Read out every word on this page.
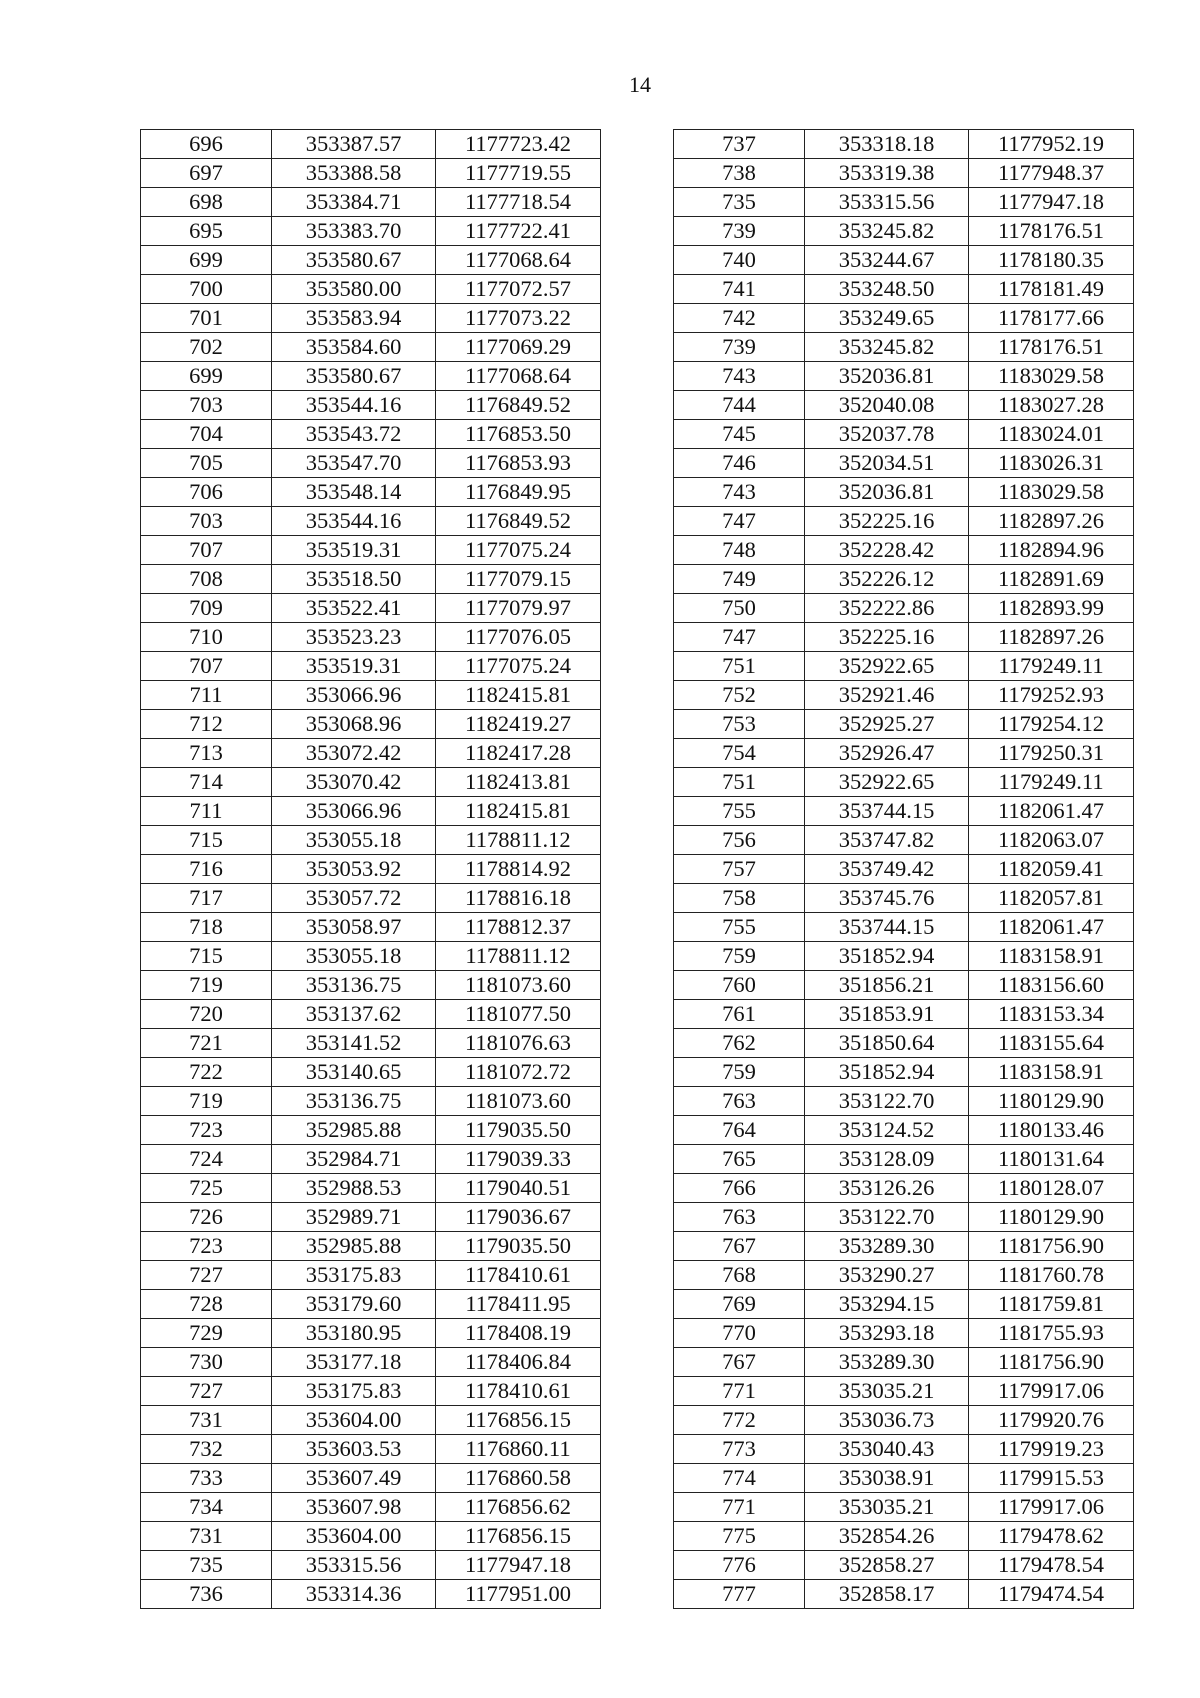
14
696	353387.57	1177723.42
697	353388.58	1177719.55
698	353384.71	1177718.54
695	353383.70	1177722.41
699	353580.67	1177068.64
700	353580.00	1177072.57
701	353583.94	1177073.22
702	353584.60	1177069.29
699	353580.67	1177068.64
703	353544.16	1176849.52
704	353543.72	1176853.50
705	353547.70	1176853.93
706	353548.14	1176849.95
703	353544.16	1176849.52
707	353519.31	1177075.24
708	353518.50	1177079.15
709	353522.41	1177079.97
710	353523.23	1177076.05
707	353519.31	1177075.24
711	353066.96	1182415.81
712	353068.96	1182419.27
713	353072.42	1182417.28
714	353070.42	1182413.81
711	353066.96	1182415.81
715	353055.18	1178811.12
716	353053.92	1178814.92
717	353057.72	1178816.18
718	353058.97	1178812.37
715	353055.18	1178811.12
719	353136.75	1181073.60
720	353137.62	1181077.50
721	353141.52	1181076.63
722	353140.65	1181072.72
719	353136.75	1181073.60
723	352985.88	1179035.50
724	352984.71	1179039.33
725	352988.53	1179040.51
726	352989.71	1179036.67
723	352985.88	1179035.50
727	353175.83	1178410.61
728	353179.60	1178411.95
729	353180.95	1178408.19
730	353177.18	1178406.84
727	353175.83	1178410.61
731	353604.00	1176856.15
732	353603.53	1176860.11
733	353607.49	1176860.58
734	353607.98	1176856.62
731	353604.00	1176856.15
735	353315.56	1177947.18
736	353314.36	1177951.00
737	353318.18	1177952.19
738	353319.38	1177948.37
735	353315.56	1177947.18
739	353245.82	1178176.51
740	353244.67	1178180.35
741	353248.50	1178181.49
742	353249.65	1178177.66
739	353245.82	1178176.51
743	352036.81	1183029.58
744	352040.08	1183027.28
745	352037.78	1183024.01
746	352034.51	1183026.31
743	352036.81	1183029.58
747	352225.16	1182897.26
748	352228.42	1182894.96
749	352226.12	1182891.69
750	352222.86	1182893.99
747	352225.16	1182897.26
751	352922.65	1179249.11
752	352921.46	1179252.93
753	352925.27	1179254.12
754	352926.47	1179250.31
751	352922.65	1179249.11
755	353744.15	1182061.47
756	353747.82	1182063.07
757	353749.42	1182059.41
758	353745.76	1182057.81
755	353744.15	1182061.47
759	351852.94	1183158.91
760	351856.21	1183156.60
761	351853.91	1183153.34
762	351850.64	1183155.64
759	351852.94	1183158.91
763	353122.70	1180129.90
764	353124.52	1180133.46
765	353128.09	1180131.64
766	353126.26	1180128.07
763	353122.70	1180129.90
767	353289.30	1181756.90
768	353290.27	1181760.78
769	353294.15	1181759.81
770	353293.18	1181755.93
767	353289.30	1181756.90
771	353035.21	1179917.06
772	353036.73	1179920.76
773	353040.43	1179919.23
774	353038.91	1179915.53
771	353035.21	1179917.06
775	352854.26	1179478.62
776	352858.27	1179478.54
777	352858.17	1179474.54
